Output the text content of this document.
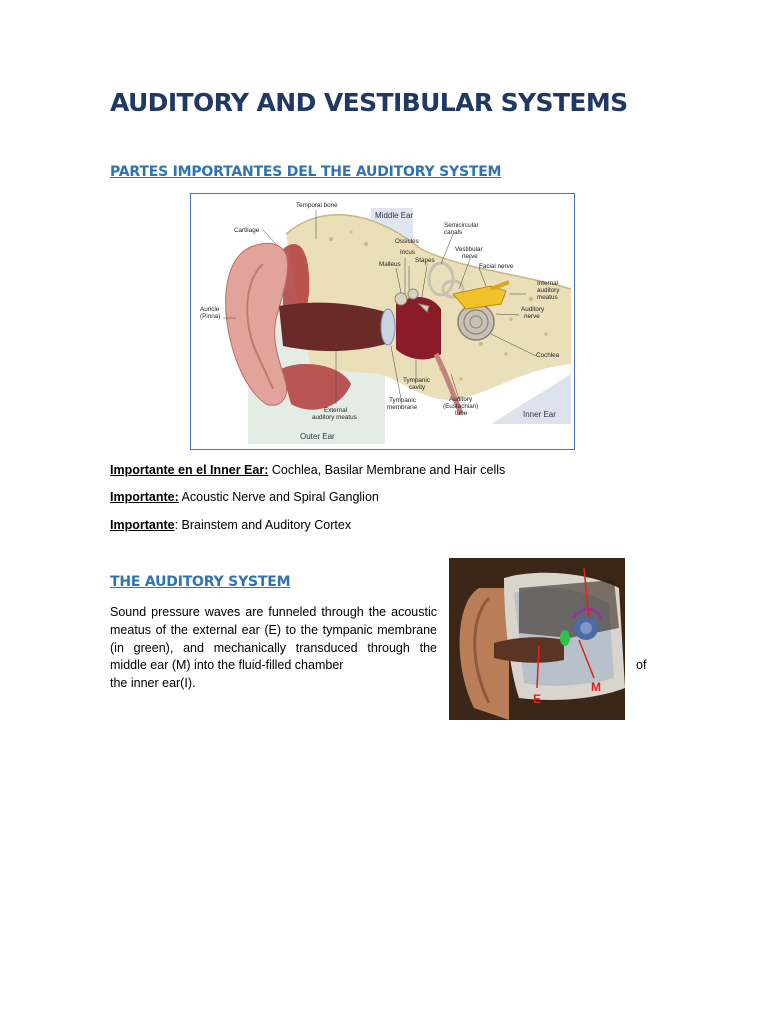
AUDITORY AND VESTIBULAR SYSTEMS
PARTES IMPORTANTES DEL THE AUDITORY SYSTEM
Temporal bone
Middle Ear
Cartilage
Semicircular
canals
Ossicles
Incus	Vestibular
nerve
Malleus
Stapes
Facial nerve
Internal
auditory
meatus
Auricle
(Pinna)
Auditory
nerve
Cochlea
Tympanic
cavity
Tympanic
membrane
Auditory
(Eustachian)
tube
External
auditory meatus	Inner Ear
Outer Ear

Importante en el Inner Ear: Cochlea, Basilar Membrane and Hair cells

Importante: Acoustic Nerve and Spiral Ganglion

Importante: Brainstem and Auditory Cortex

THE AUDITORY SYSTEM

Sound pressure waves are funneled through the acoustic meatus of the external ear (E) to the tympanic membrane (in green), and mechanically transduced through the middle ear (M) into the fluid-filled chamber	of
the inner ear(I).
E
M
